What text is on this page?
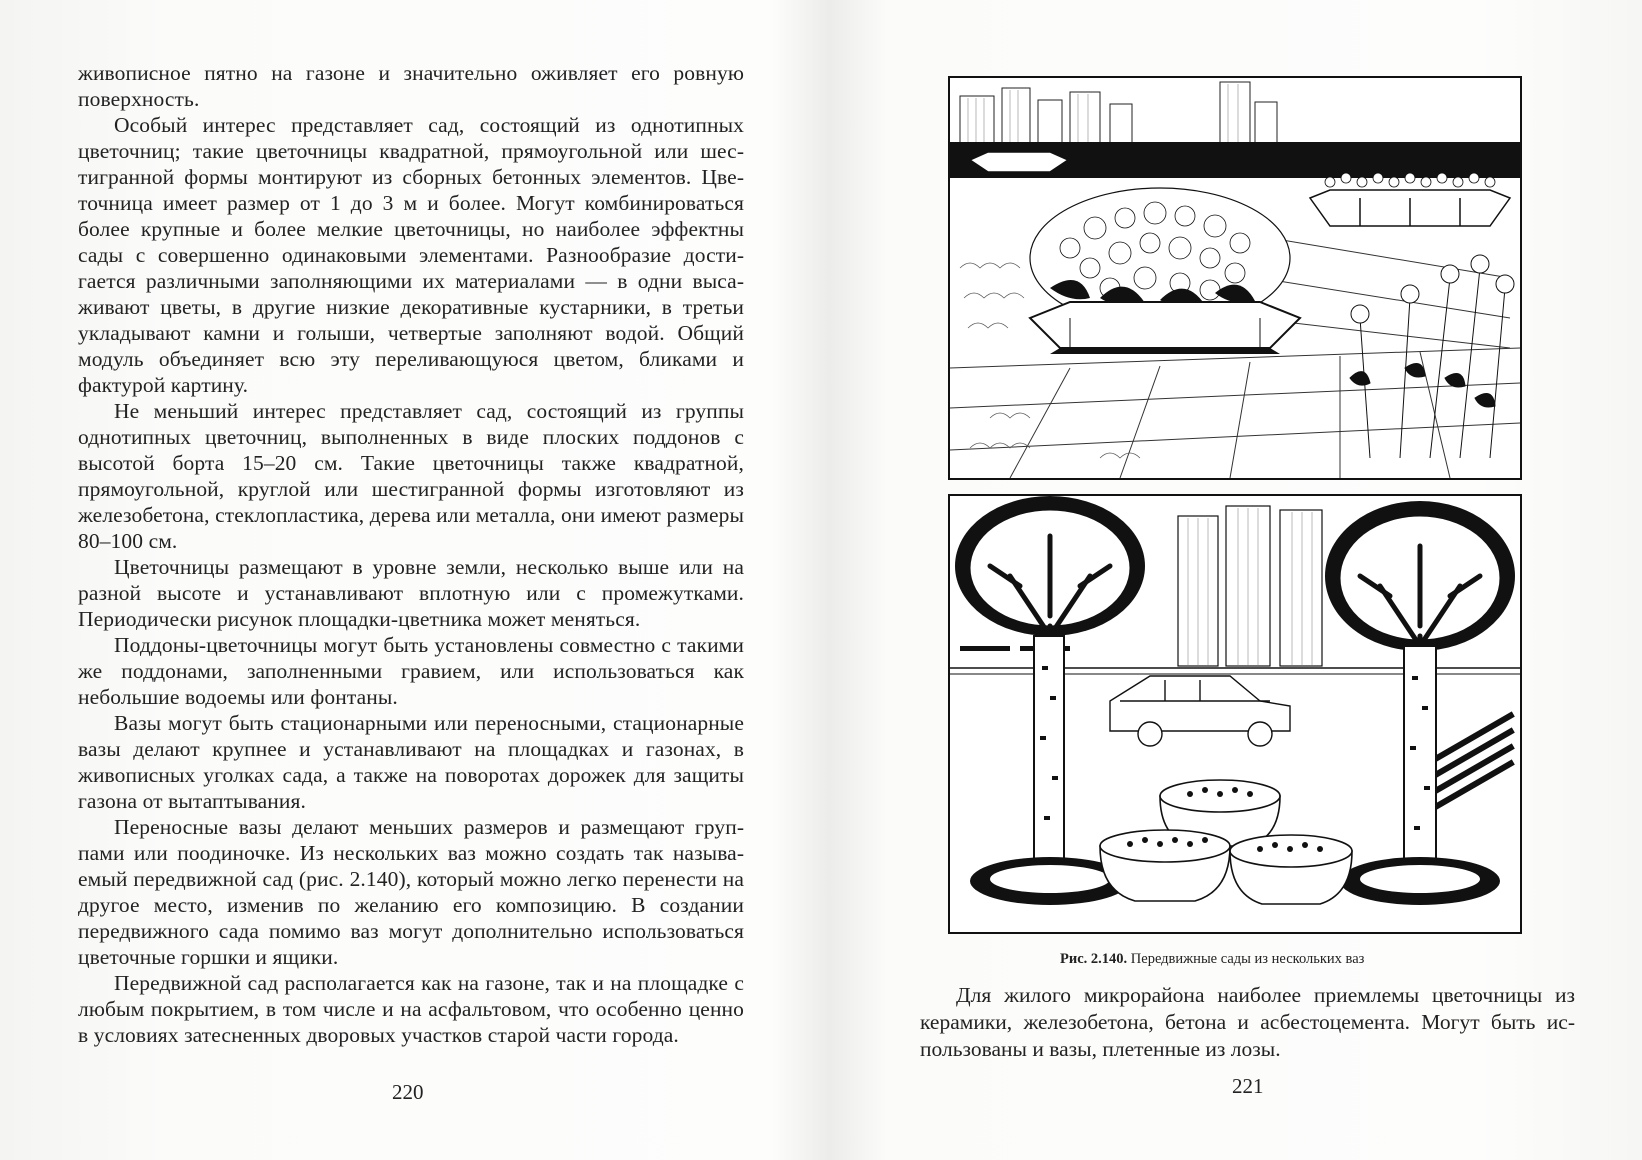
живописное пятно на газоне и значительно оживляет его ровную поверхность.

Особый интерес представляет сад, состоящий из однотипных цветочниц; такие цветочницы квадратной, прямоугольной или шестигранной формы монтируют из сборных бетонных элементов. Цветочница имеет размер от 1 до 3 м и более. Могут комбинироваться более крупные и более мелкие цветочницы, но наиболее эффектны сады с совершенно одинаковыми элементами. Разнообразие достигается различными заполняющими их материалами — в одни высаживают цветы, в другие низкие декоративные кустарники, в третьи укладывают камни и голыши, четвертые заполняют водой. Общий модуль объединяет всю эту переливающуюся цветом, бликами и фактурой картину.

Не меньший интерес представляет сад, состоящий из группы однотипных цветочниц, выполненных в виде плоских поддонов с высотой борта 15–20 см. Такие цветочницы также квадратной, прямоугольной, круглой или шестигранной формы изготовляют из железобетона, стеклопластика, дерева или металла, они имеют размеры 80–100 см.

Цветочницы размещают в уровне земли, несколько выше или на разной высоте и устанавливают вплотную или с промежутками. Периодически рисунок площадки-цветника может меняться.

Поддоны-цветочницы могут быть установлены совместно с такими же поддонами, заполненными гравием, или использоваться как небольшие водоемы или фонтаны.

Вазы могут быть стационарными или переносными, стационарные вазы делают крупнее и устанавливают на площадках и газонах, в живописных уголках сада, а также на поворотах дорожек для защиты газона от вытаптывания.

Переносные вазы делают меньших размеров и размещают группами или поодиночке. Из нескольких ваз можно создать так называемый передвижной сад (рис. 2.140), который можно легко перенести на другое место, изменив по желанию его композицию. В создании передвижного сада помимо ваз могут дополнительно использоваться цветочные горшки и ящики.

Передвижной сад располагается как на газоне, так и на площадке с любым покрытием, в том числе и на асфальтовом, что особенно ценно в условиях затесненных дворовых участков старой части города.

220
Рис. 2.140. Передвижные сады из нескольких ваз

Для жилого микрорайона наиболее приемлемы цветочницы из керамики, железобетона, бетона и асбестоцемента. Могут быть использованы и вазы, плетенные из лозы.

221
